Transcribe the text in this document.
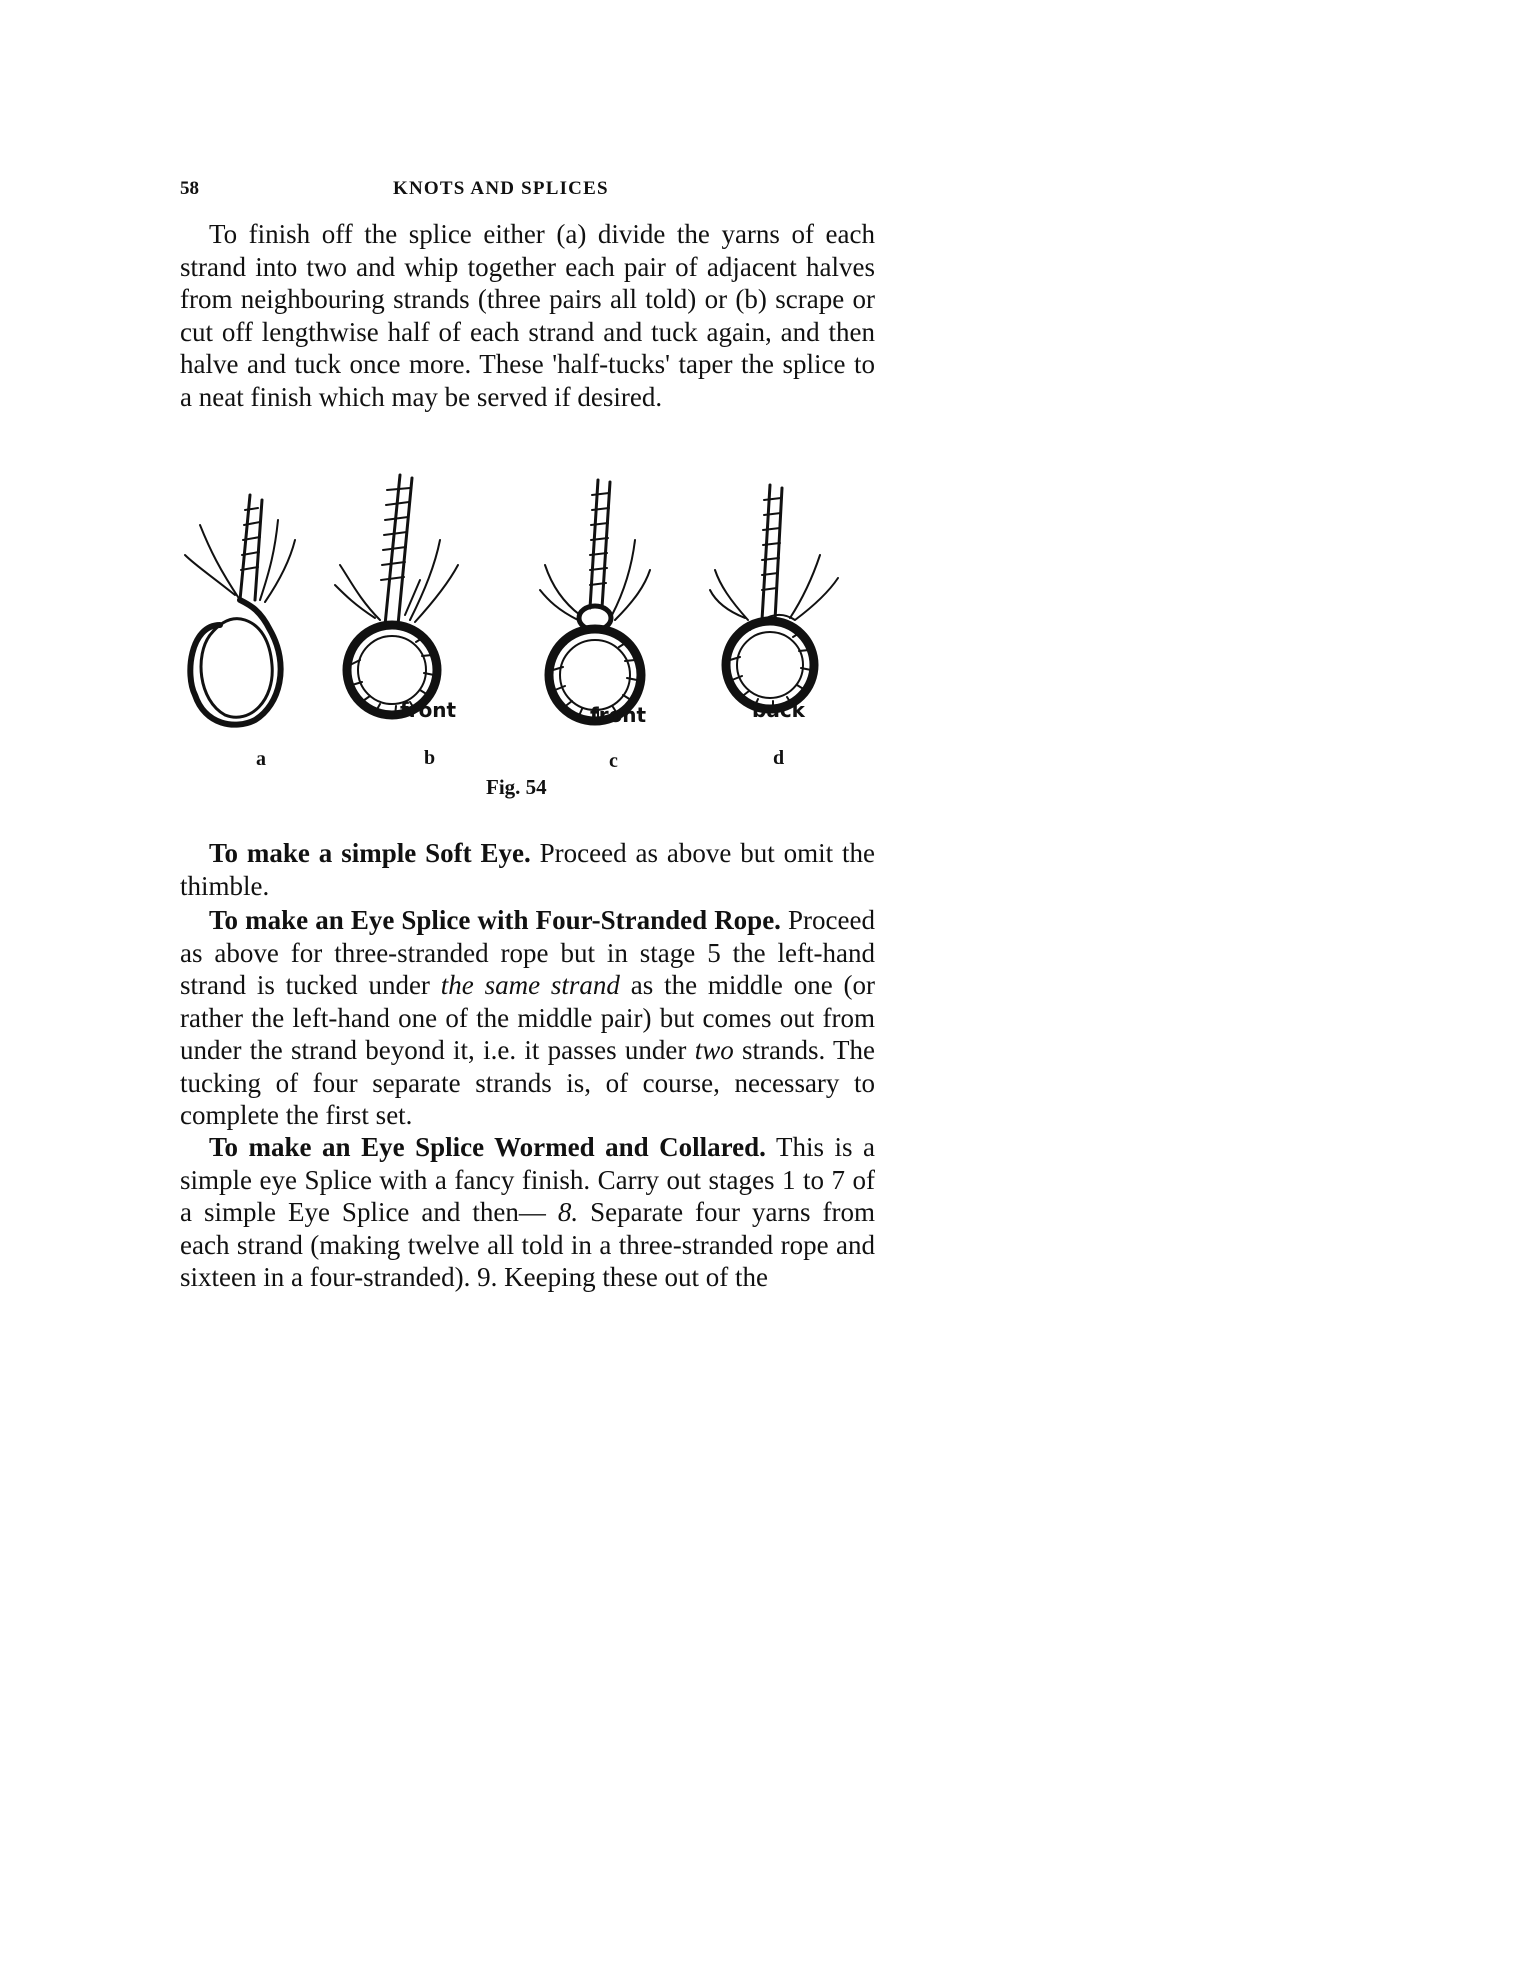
58	KNOTS AND SPLICES

To finish off the splice either (a) divide the yarns of each strand into two and whip together each pair of adjacent halves from neighbouring strands (three pairs all told) or (b) scrape or cut off lengthwise half of each strand and tuck again, and then halve and tuck once more. These 'half-tucks' taper the splice to a neat finish which may be served if desired.

front	front	back
a	b	c	d
Fig. 54

To make a simple Soft Eye. Proceed as above but omit the thimble.

To make an Eye Splice with Four-Stranded Rope. Proceed as above for three-stranded rope but in stage 5 the left-hand strand is tucked under the same strand as the middle one (or rather the left-hand one of the middle pair) but comes out from under the strand beyond it, i.e. it passes under two strands. The tucking of four separate strands is, of course, necessary to complete the first set.

To make an Eye Splice Wormed and Collared. This is a simple eye Splice with a fancy finish. Carry out stages 1 to 7 of a simple Eye Splice and then— 8. Separate four yarns from each strand (making twelve all told in a three-stranded rope and sixteen in a four-stranded). 9. Keeping these out of the
